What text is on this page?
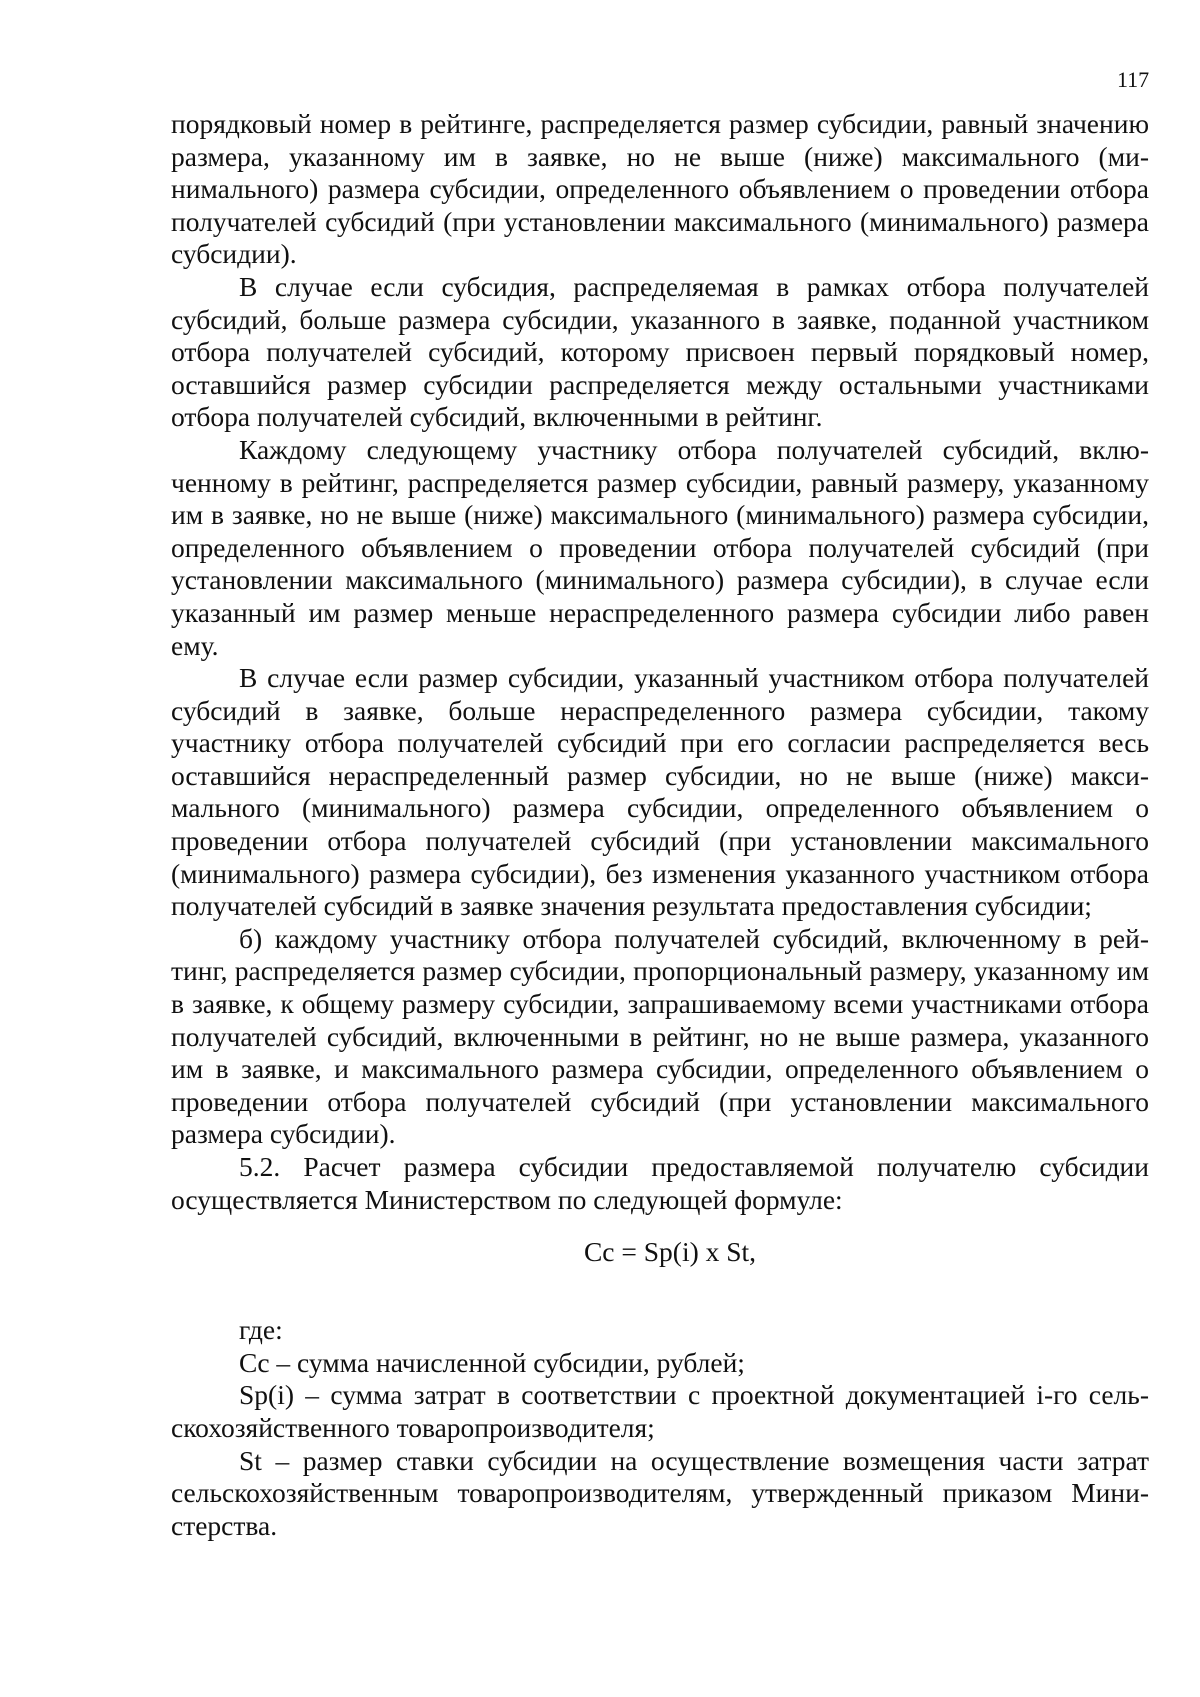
117

порядковый номер в рейтинге, распределяется размер субсидии, равный значению размера, указанному им в заявке, но не выше (ниже) максимального (минимального) размера субсидии, определенного объявлением о проведении отбора получателей субсидий (при установлении максимального (минимального) размера субсидии).

В случае если субсидия, распределяемая в рамках отбора получателей субсидий, больше размера субсидии, указанного в заявке, поданной участником отбора получателей субсидий, которому присвоен первый порядковый номер, оставшийся размер субсидии распределяется между остальными участниками отбора получателей субсидий, включенными в рейтинг.

Каждому следующему участнику отбора получателей субсидий, включенному в рейтинг, распределяется размер субсидии, равный размеру, указанному им в заявке, но не выше (ниже) максимального (минимального) размера субсидии, определенного объявлением о проведении отбора получателей субсидий (при установлении максимального (минимального) размера субсидии), в случае если указанный им размер меньше нераспределенного размера субсидии либо равен ему.

В случае если размер субсидии, указанный участником отбора получателей субсидий в заявке, больше нераспределенного размера субсидии, такому участнику отбора получателей субсидий при его согласии распределяется весь оставшийся нераспределенный размер субсидии, но не выше (ниже) максимального (минимального) размера субсидии, определенного объявлением о проведении отбора получателей субсидий (при установлении максимального (минимального) размера субсидии), без изменения указанного участником отбора получателей субсидий в заявке значения результата предоставления субсидии;

б) каждому участнику отбора получателей субсидий, включенному в рейтинг, распределяется размер субсидии, пропорциональный размеру, указанному им в заявке, к общему размеру субсидии, запрашиваемому всеми участниками отбора получателей субсидий, включенными в рейтинг, но не выше размера, указанного им в заявке, и максимального размера субсидии, определенного объявлением о проведении отбора получателей субсидий (при установлении максимального размера субсидии).

5.2. Расчет размера субсидии предоставляемой получателю субсидии осуществляется Министерством по следующей формуле:

Cc = Sp(i) x St,

где:

Cc – сумма начисленной субсидии, рублей;

Sp(i) – сумма затрат в соответствии с проектной документацией i-го сельскохозяйственного товаропроизводителя;

St – размер ставки субсидии на осуществление возмещения части затрат сельскохозяйственным товаропроизводителям, утвержденный приказом Министерства.
